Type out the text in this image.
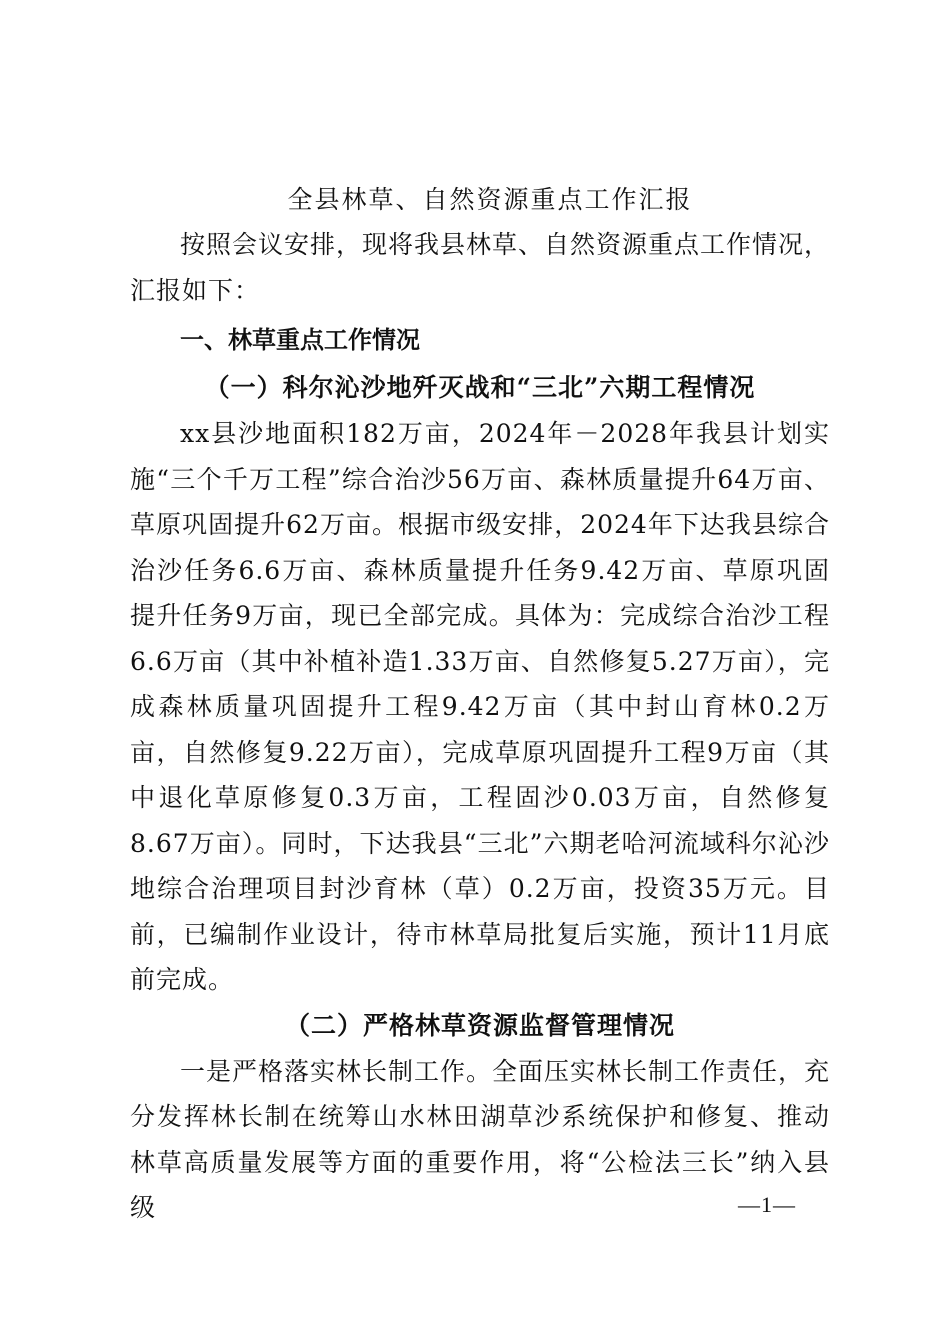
全县林草、自然资源重点工作汇报

按照会议安排，现将我县林草、自然资源重点工作情况，汇报如下：

一、林草重点工作情况
（一）科尔沁沙地歼灭战和“三北”六期工程情况

xx县沙地面积182万亩，2024年－2028年我县计划实施“三个千万工程”综合治沙56万亩、森林质量提升64万亩、草原巩固提升62万亩。根据市级安排，2024年下达我县综合治沙任务6.6万亩、森林质量提升任务9.42万亩、草原巩固提升任务9万亩，现已全部完成。具体为：完成综合治沙工程6.6万亩（其中补植补造1.33万亩、自然修复5.27万亩），完成森林质量巩固提升工程9.42万亩（其中封山育林0.2万亩，自然修复9.22万亩），完成草原巩固提升工程9万亩（其中退化草原修复0.3万亩，工程固沙0.03万亩，自然修复8.67万亩）。同时，下达我县“三北”六期老哈河流域科尔沁沙地综合治理项目封沙育林（草）0.2万亩，投资35万元。目前，已编制作业设计，待市林草局批复后实施，预计11月底前完成。

（二）严格林草资源监督管理情况

一是严格落实林长制工作。全面压实林长制工作责任，充分发挥林长制在统筹山水林田湖草沙系统保护和修复、推动林草高质量发展等方面的重要作用，将“公检法三长”纳入县级	—1—
